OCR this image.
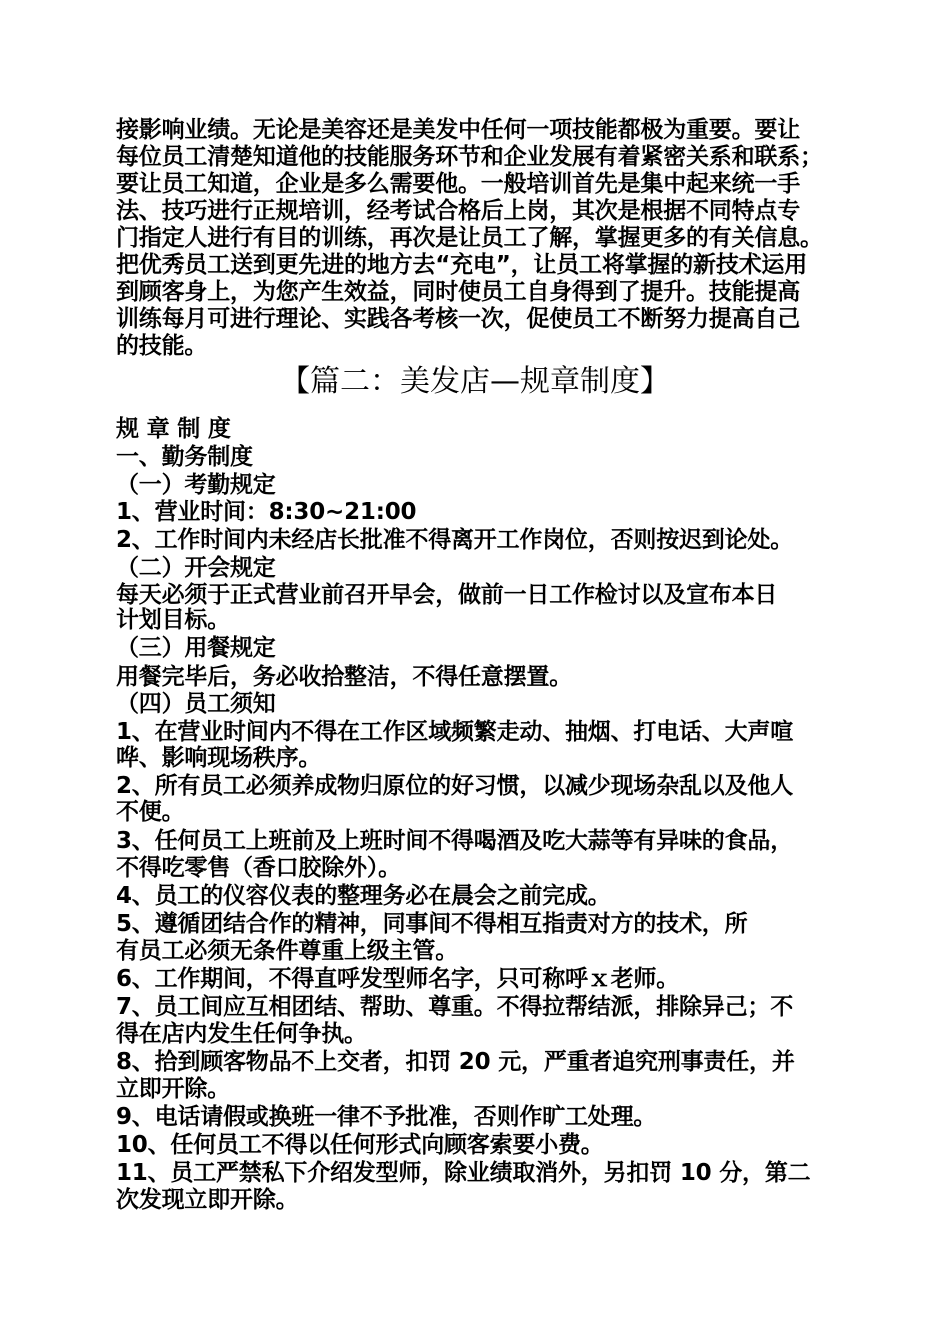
接影响业绩。无论是美容还是美发中任何一项技能都极为重要。要让
每位员工清楚知道他的技能服务环节和企业发展有着紧密关系和联系；
要让员工知道，企业是多么需要他。一般培训首先是集中起来统一手
法、技巧进行正规培训，经考试合格后上岗，其次是根据不同特点专
门指定人进行有目的训练，再次是让员工了解，掌握更多的有关信息。
把优秀员工送到更先进的地方去“充电”，让员工将掌握的新技术运用
到顾客身上，为您产生效益，同时使员工自身得到了提升。技能提高
训练每月可进行理论、实践各考核一次，促使员工不断努力提高自己
的技能。
【篇二：美发店—规章制度】
规 章 制 度
一、勤务制度
（一）考勤规定
1、营业时间：8:30~21:00
2、工作时间内未经店长批准不得离开工作岗位，否则按迟到论处。
（二）开会规定
每天必须于正式营业前召开早会，做前一日工作检讨以及宣布本日
计划目标。
（三）用餐规定
用餐完毕后，务必收拾整洁，不得任意摆置。
（四）员工须知
1、在营业时间内不得在工作区域频繁走动、抽烟、打电话、大声喧
哗、影响现场秩序。
2、所有员工必须养成物归原位的好习惯，以减少现场杂乱以及他人
不便。
3、任何员工上班前及上班时间不得喝酒及吃大蒜等有异味的食品，
不得吃零售（香口胶除外）。
4、员工的仪容仪表的整理务必在晨会之前完成。
5、遵循团结合作的精神，同事间不得相互指责对方的技术，所
有员工必须无条件尊重上级主管。
6、工作期间，不得直呼发型师名字，只可称呼ｘ老师。
7、员工间应互相团结、帮助、尊重。不得拉帮结派，排除异己；不
得在店内发生任何争执。
8、拾到顾客物品不上交者，扣罚 20 元，严重者追究刑事责任，并
立即开除。
9、电话请假或换班一律不予批准，否则作旷工处理。
10、任何员工不得以任何形式向顾客索要小费。
11、员工严禁私下介绍发型师，除业绩取消外，另扣罚 10 分，第二
次发现立即开除。
